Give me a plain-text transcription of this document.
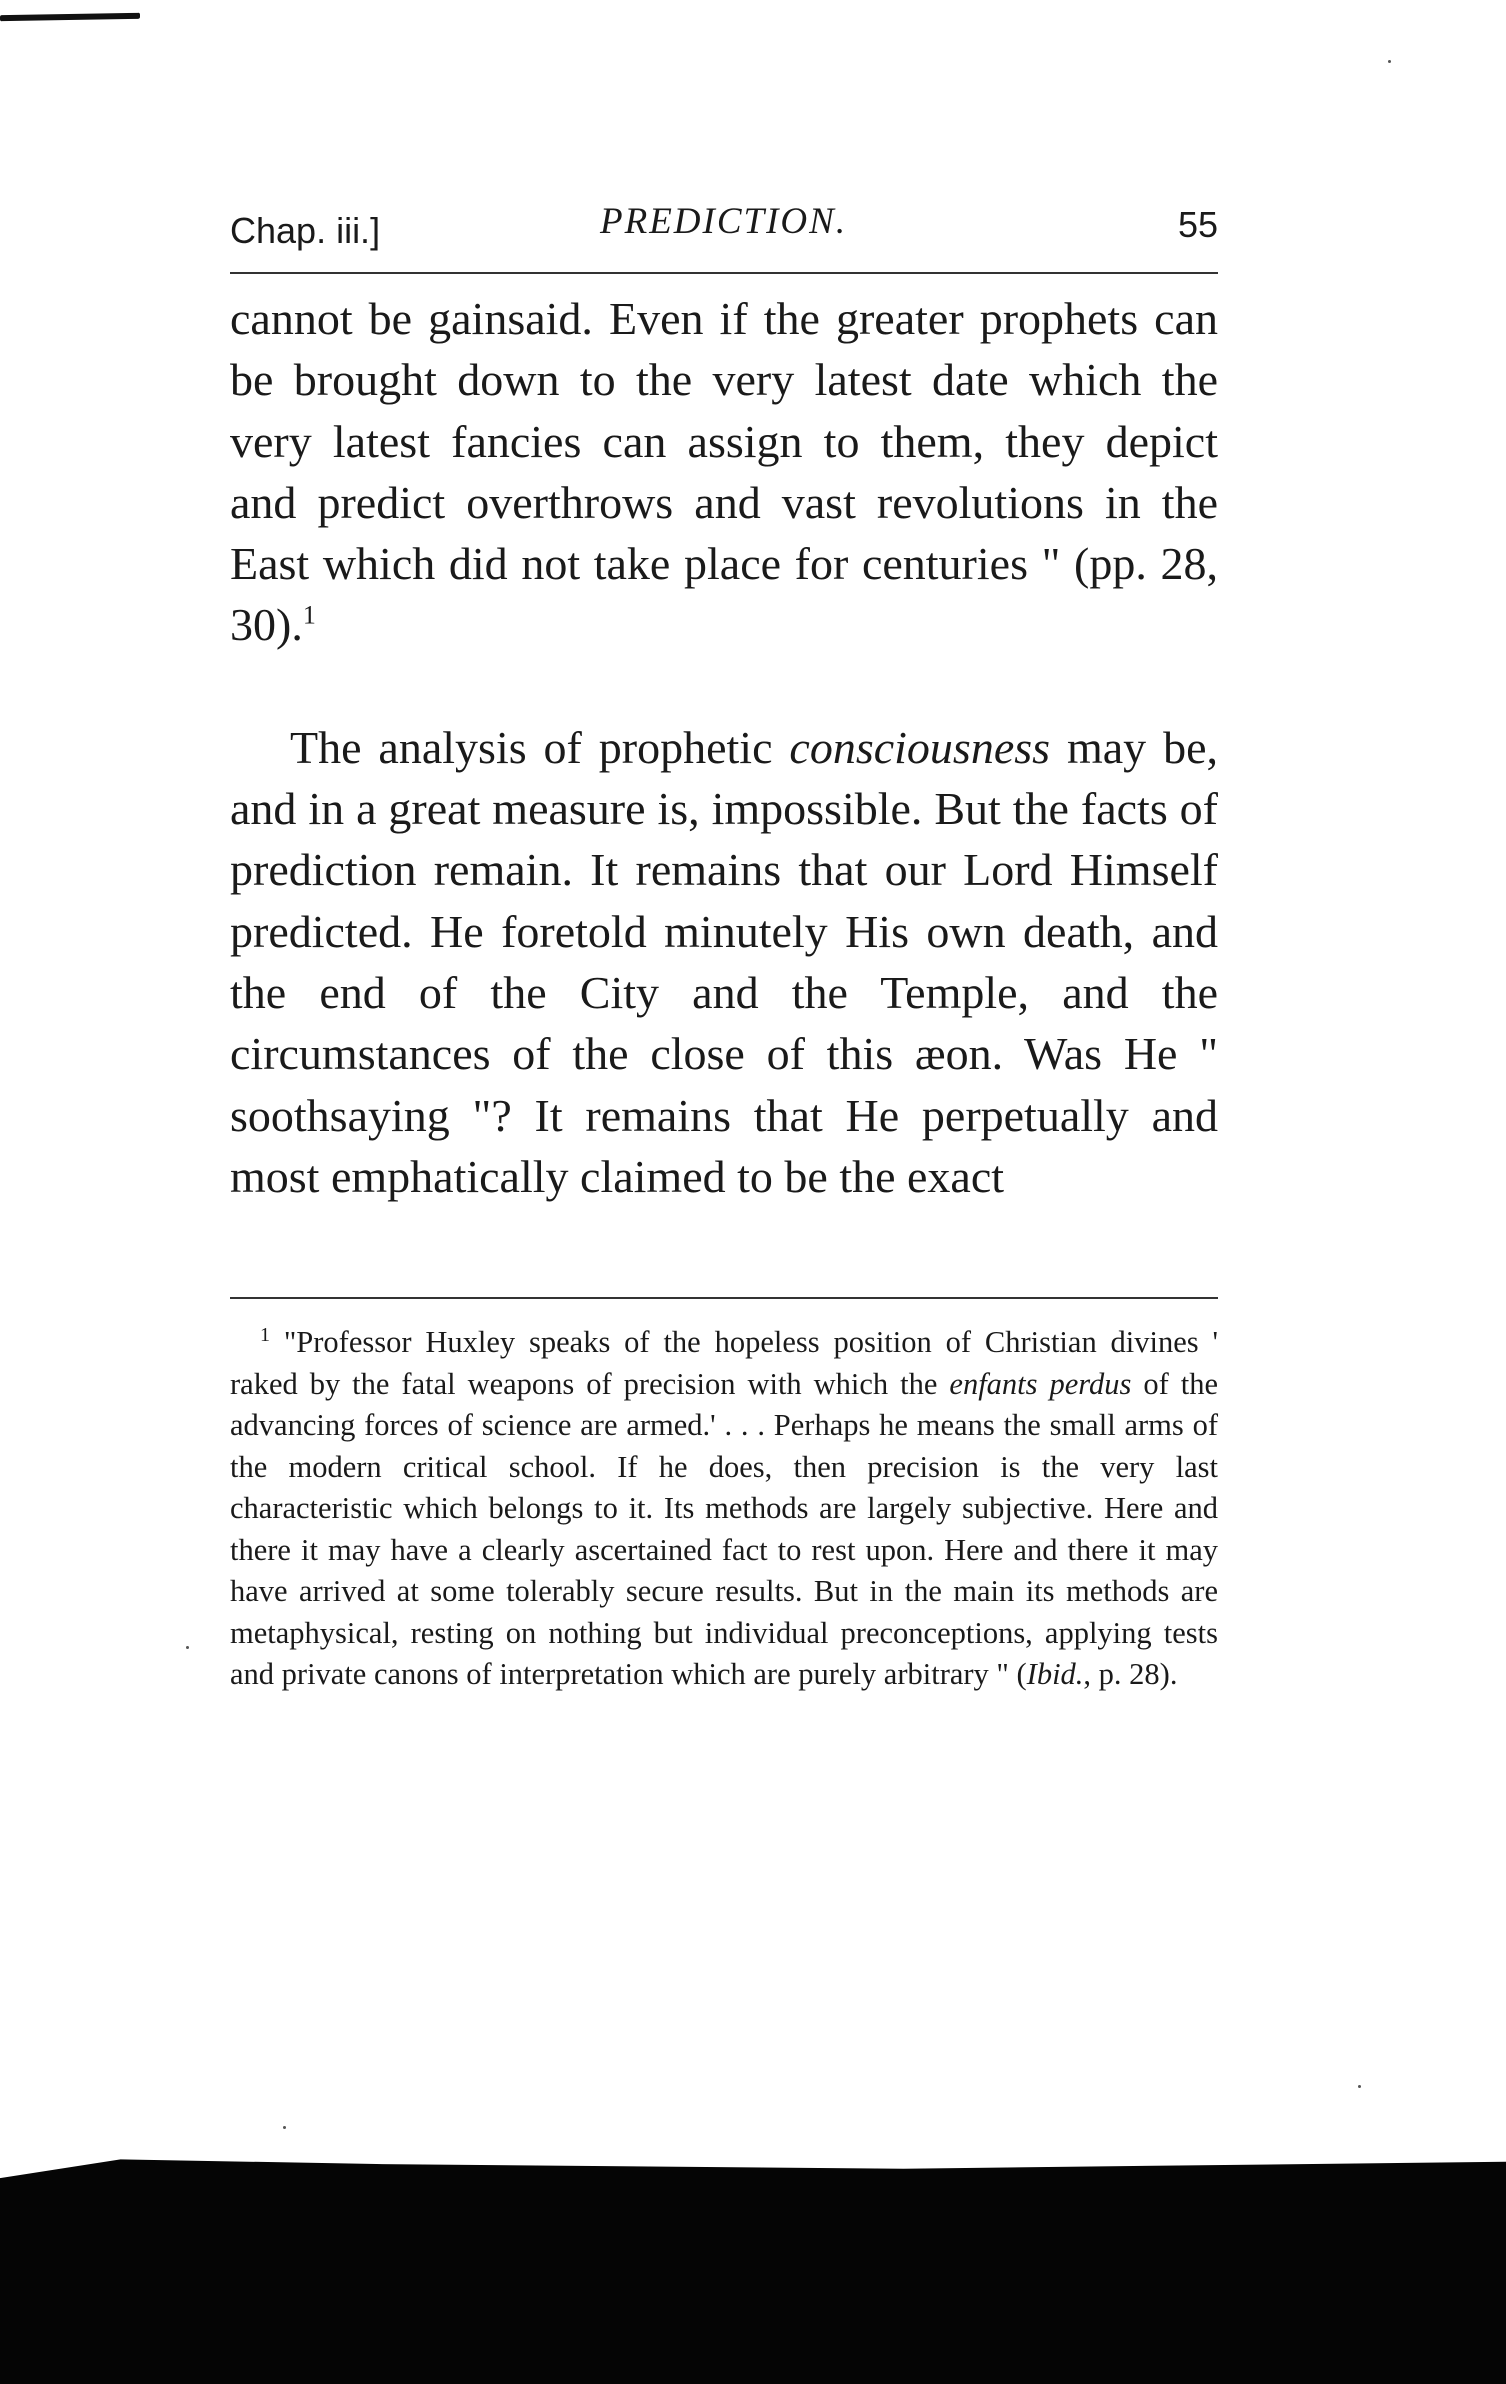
Chap. iii.]	PREDICTION.	55

cannot be gainsaid. Even if the greater prophets can be brought down to the very latest date which the very latest fancies can assign to them, they depict and predict overthrows and vast revolutions in the East which did not take place for centuries " (pp. 28, 30).$^1$

The analysis of prophetic consciousness may be, and in a great measure is, impossible. But the facts of prediction remain. It remains that our Lord Himself predicted. He foretold minutely His own death, and the end of the City and the Temple, and the circumstances of the close of this æon. Was He " soothsaying "? It remains that He perpetually and most emphatically claimed to be the exact

$^1$ "Professor Huxley speaks of the hopeless position of Christian divines ' raked by the fatal weapons of precision with which the enfants perdus of the advancing forces of science are armed.' . . . Perhaps he means the small arms of the modern critical school. If he does, then precision is the very last characteristic which belongs to it. Its methods are largely subjective. Here and there it may have a clearly ascertained fact to rest upon. Here and there it may have arrived at some tolerably secure results. But in the main its methods are metaphysical, resting on nothing but individual preconceptions, applying tests and private canons of interpretation which are purely arbitrary " (Ibid., p. 28).
